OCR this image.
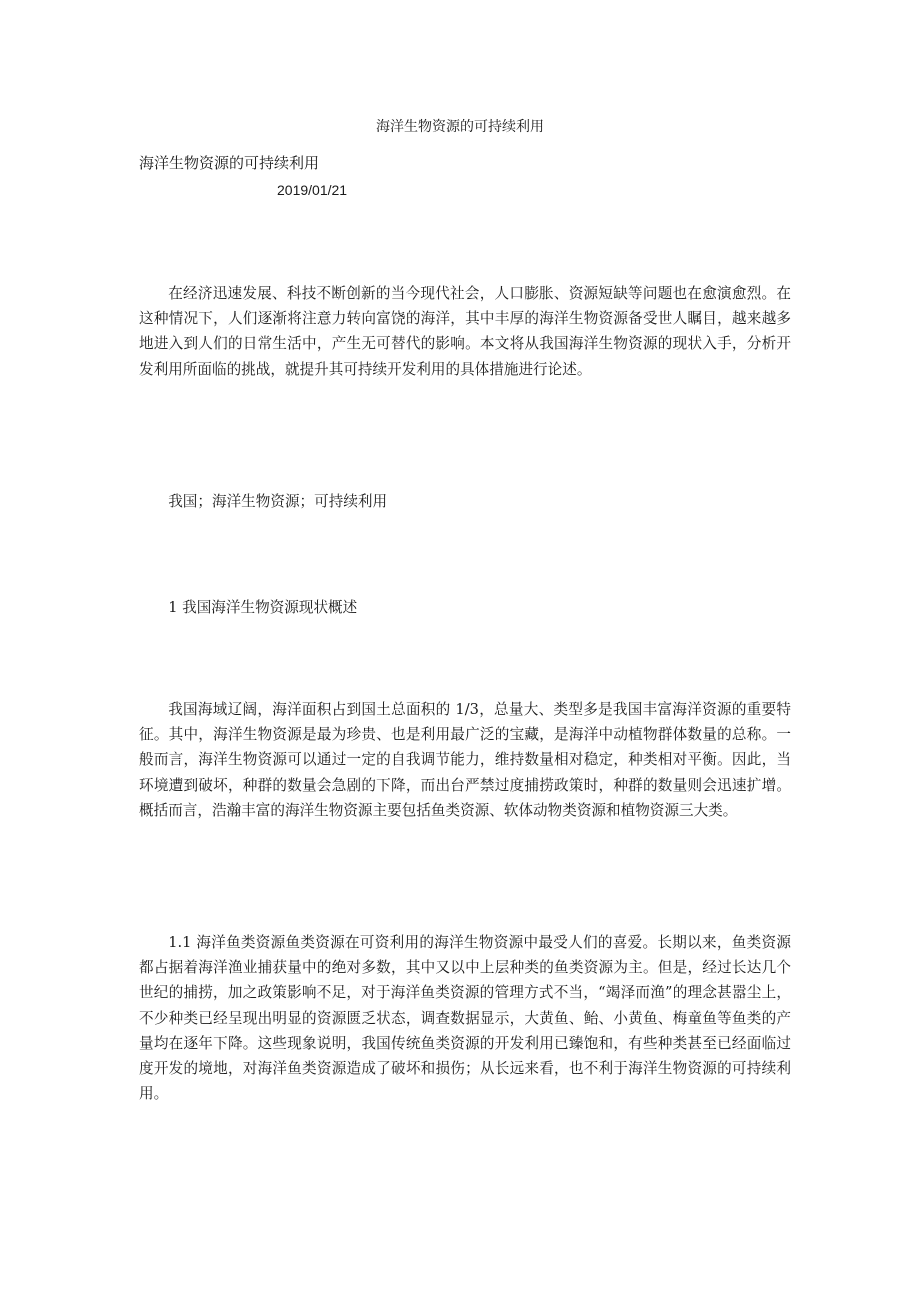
海洋生物资源的可持续利用
海洋生物资源的可持续利用
2019/01/21

在经济迅速发展、科技不断创新的当今现代社会，人口膨胀、资源短缺等问题也在愈演愈烈。在这种情况下，人们逐渐将注意力转向富饶的海洋，其中丰厚的海洋生物资源备受世人瞩目，越来越多地进入到人们的日常生活中，产生无可替代的影响。本文将从我国海洋生物资源的现状入手，分析开发利用所面临的挑战，就提升其可持续开发利用的具体措施进行论述。

我国；海洋生物资源；可持续利用

1 我国海洋生物资源现状概述

我国海域辽阔，海洋面积占到国土总面积的 1/3，总量大、类型多是我国丰富海洋资源的重要特征。其中，海洋生物资源是最为珍贵、也是利用最广泛的宝藏，是海洋中动植物群体数量的总称。一般而言，海洋生物资源可以通过一定的自我调节能力，维持数量相对稳定，种类相对平衡。因此，当环境遭到破坏，种群的数量会急剧的下降，而出台严禁过度捕捞政策时，种群的数量则会迅速扩增。概括而言，浩瀚丰富的海洋生物资源主要包括鱼类资源、软体动物类资源和植物资源三大类。

1.1 海洋鱼类资源鱼类资源在可资利用的海洋生物资源中最受人们的喜爱。长期以来，鱼类资源都占据着海洋渔业捕获量中的绝对多数，其中又以中上层种类的鱼类资源为主。但是，经过长达几个世纪的捕捞，加之政策影响不足，对于海洋鱼类资源的管理方式不当，“竭泽而渔”的理念甚嚣尘上，不少种类已经呈现出明显的资源匮乏状态，调查数据显示，大黄鱼、鲐、小黄鱼、梅童鱼等鱼类的产量均在逐年下降。这些现象说明，我国传统鱼类资源的开发利用已臻饱和，有些种类甚至已经面临过度开发的境地，对海洋鱼类资源造成了破坏和损伤；从长远来看，也不利于海洋生物资源的可持续利用。
